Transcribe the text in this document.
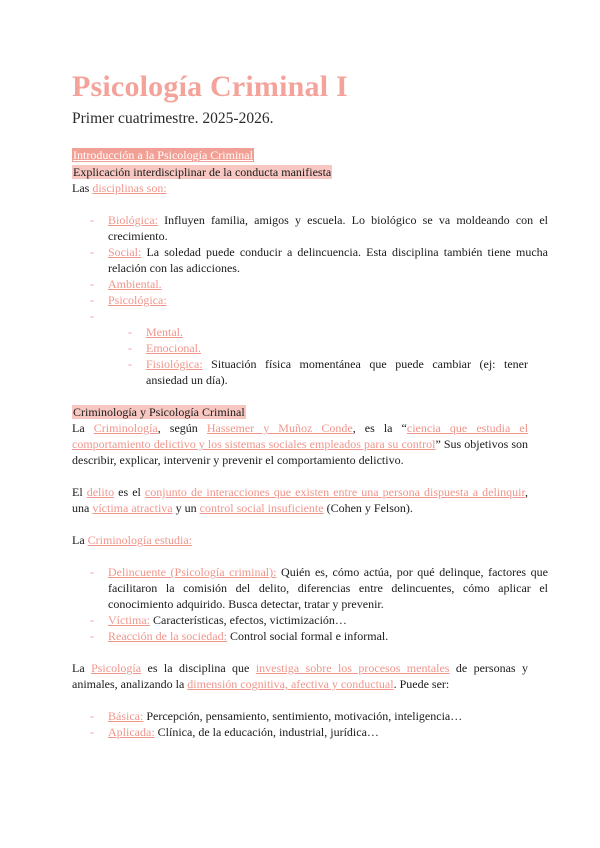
Psicología Criminal I

Primer cuatrimestre. 2025-2026.

Introducción a la Psicología Criminal
Explicación interdisciplinar de la conducta manifiesta
Las disciplinas son:
- Biológica: Influyen familia, amigos y escuela. Lo biológico se va moldeando con el crecimiento.
- Social: La soledad puede conducir a delincuencia. Esta disciplina también tiene mucha relación con las adicciones.
- Ambiental.
- Psicológica:
-
- Mental.
- Emocional.
- Fisiológica: Situación física momentánea que puede cambiar (ej: tener ansiedad un día).
Criminología y Psicología Criminal
La Criminología, según Hassemer y Muñoz Conde, es la “ciencia que estudia el comportamiento delictivo y los sistemas sociales empleados para su control” Sus objetivos son describir, explicar, intervenir y prevenir el comportamiento delictivo.
El delito es el conjunto de interacciones que existen entre una persona dispuesta a delinquir, una víctima atractiva y un control social insuficiente (Cohen y Felson).
La Criminología estudia:
- Delincuente (Psicología criminal): Quién es, cómo actúa, por qué delinque, factores que facilitaron la comisión del delito, diferencias entre delincuentes, cómo aplicar el conocimiento adquirido. Busca detectar, tratar y prevenir.
- Víctima: Características, efectos, victimización…
- Reacción de la sociedad: Control social formal e informal.
La Psicología es la disciplina que investiga sobre los procesos mentales de personas y animales, analizando la dimensión cognitiva, afectiva y conductual. Puede ser:
- Básica: Percepción, pensamiento, sentimiento, motivación, inteligencia…
- Aplicada: Clínica, de la educación, industrial, jurídica…
